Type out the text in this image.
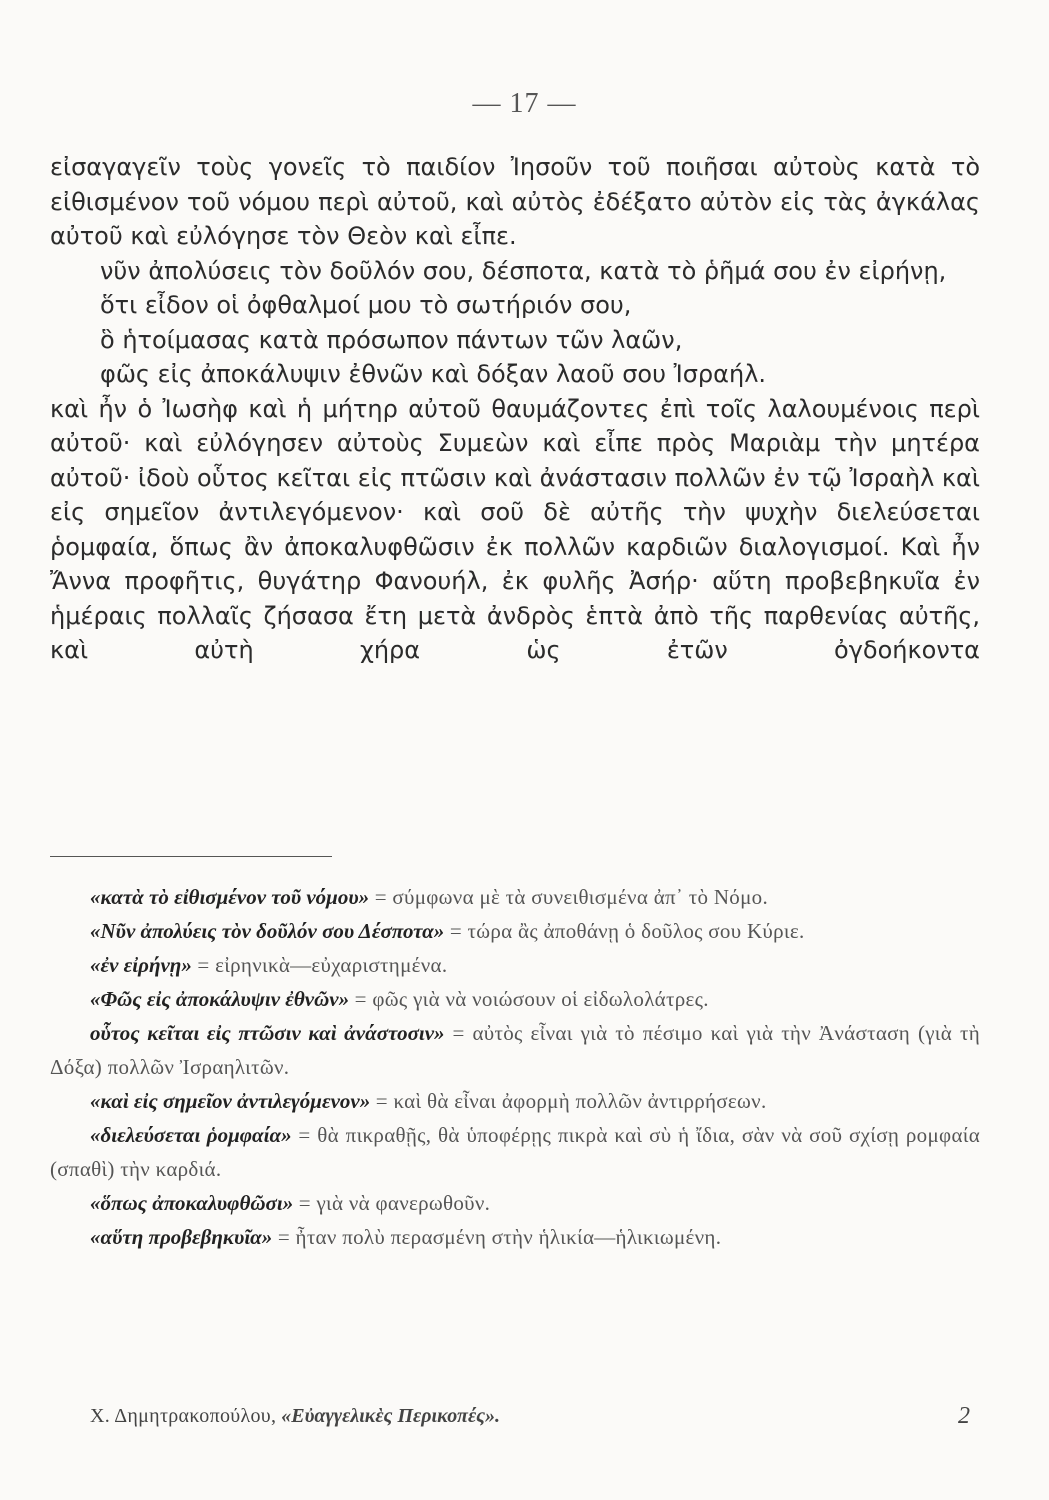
— 17 —

εἰσαγαγεῖν τοὺς γονεῖς τὸ παιδίον Ἰησοῦν τοῦ ποιῆσαι αὐτοὺς κατὰ τὸ εἰθισμένον τοῦ νόμου περὶ αὐτοῦ, καὶ αὐτὸς ἐδέξατο αὐτὸν εἰς τὰς ἀγκάλας αὐτοῦ καὶ εὐλόγησε τὸν Θεὸν καὶ εἶπε.

νῦν ἀπολύσεις τὸν δοῦλόν σου, δέσποτα, κατὰ τὸ ῥῆμά σου ἐν εἰρήνῃ,

ὅτι εἶδον οἱ ὀφθαλμοί μου τὸ σωτήριόν σου,

ὃ ἡτοίμασας κατὰ πρόσωπον πάντων τῶν λαῶν,

φῶς εἰς ἀποκάλυψιν ἐθνῶν καὶ δόξαν λαοῦ σου Ἰσραήλ.

καὶ ἦν ὁ Ἰωσὴφ καὶ ἡ μήτηρ αὐτοῦ θαυμάζοντες ἐπὶ τοῖς λαλουμένοις περὶ αὐτοῦ· καὶ εὐλόγησεν αὐτοὺς Συμεὼν καὶ εἶπε πρὸς Μαριὰμ τὴν μητέρα αὐτοῦ· ἰδοὺ οὗτος κεῖται εἰς πτῶσιν καὶ ἀνάστασιν πολλῶν ἐν τῷ Ἰσραὴλ καὶ εἰς σημεῖον ἀντιλεγόμενον· καὶ σοῦ δὲ αὐτῆς τὴν ψυχὴν διελεύσεται ῥομφαία, ὅπως ἂν ἀποκαλυφθῶσιν ἐκ πολλῶν καρδιῶν διαλογισμοί. Καὶ ἦν Ἄννα προφῆτις, θυγάτηρ Φανουήλ, ἐκ φυλῆς Ἀσήρ· αὕτη προβεβηκυῖα ἐν ἡμέραις πολλαῖς ζήσασα ἔτη μετὰ ἀνδρὸς ἑπτὰ ἀπὸ τῆς παρθενίας αὐτῆς, καὶ αὐτὴ χήρα ὡς ἐτῶν ὀγδοήκοντα

«κατὰ τὸ εἰθισμένον τοῦ νόμου» = σύμφωνα μὲ τὰ συνειθισμένα ἀπ᾿ τὸ Νόμο.

«Νῦν ἀπολύεις τὸν δοῦλόν σου Δέσποτα» = τώρα ἂς ἀποθάνῃ ὁ δοῦλος σου Κύριε.

«ἐν εἰρήνῃ» = εἰρηνικὰ—εὐχαριστημένα.

«Φῶς εἰς ἀποκάλυψιν ἐθνῶν» = φῶς γιὰ νὰ νοιώσουν οἱ εἰδωλολάτρες.

οὗτος κεῖται εἰς πτῶσιν καὶ ἀνάστοσιν» = αὐτὸς εἶναι γιὰ τὸ πέσιμο καὶ γιὰ τὴν Ἀνάσταση (γιὰ τὴ Δόξα) πολλῶν Ἰσραηλιτῶν.

«καὶ εἰς σημεῖον ἀντιλεγόμενον» = καὶ θὰ εἶναι ἀφορμὴ πολλῶν ἀντιρρήσεων.

«διελεύσεται ῥομφαία» = θὰ πικραθῇς, θὰ ὑποφέρῃς πικρὰ καὶ σὺ ἡ ἴδια, σὰν νὰ σοῦ σχίσῃ ρομφαία (σπαθὶ) τὴν καρδιά.

«ὅπως ἀποκαλυφθῶσι» = γιὰ νὰ φανερωθοῦν.

«αὕτη προβεβηκυῖα» = ἦταν πολὺ περασμένη στὴν ἡλικία—ἡλικιωμένη.

Χ. Δημητρακοπούλου, «Εὐαγγελικὲς Περικοπές».	2
